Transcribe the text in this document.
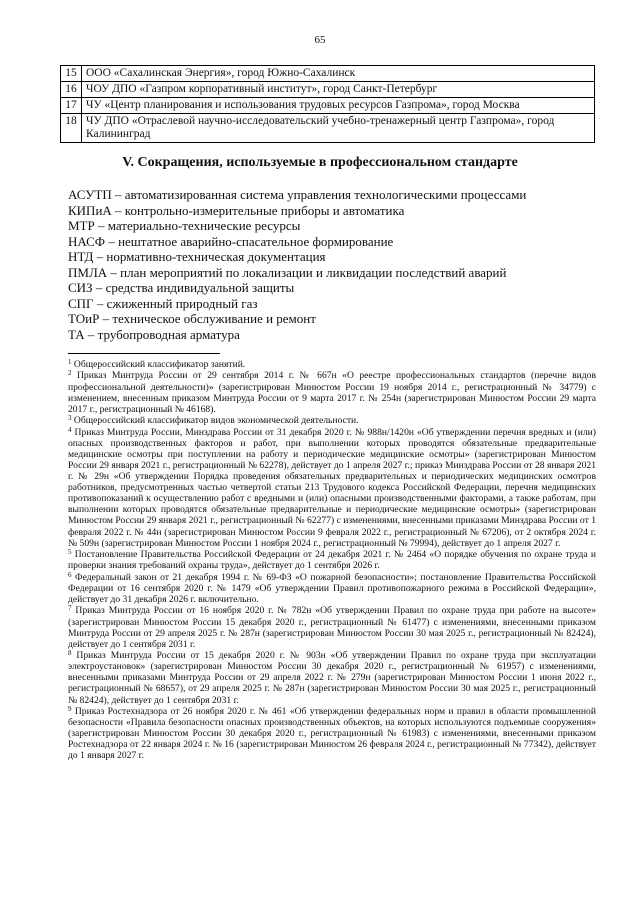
65
15	ООО «Сахалинская Энергия», город Южно-Сахалинск
16	ЧОУ ДПО «Газпром корпоративный институт», город Санкт-Петербург
17	ЧУ «Центр планирования и использования трудовых ресурсов Газпрома», город Москва
18	ЧУ ДПО «Отраслевой научно-исследовательский учебно-тренажерный центр Газпрома», город Калининград
V. Сокращения, используемые в профессиональном стандарте
АСУТП – автоматизированная система управления технологическими процессами
КИПиА – контрольно-измерительные приборы и автоматика
МТР – материально-технические ресурсы
НАСФ – нештатное аварийно-спасательное формирование
НТД – нормативно-техническая документация
ПМЛА – план мероприятий по локализации и ликвидации последствий аварий
СИЗ – средства индивидуальной защиты
СПГ – сжиженный природный газ
ТОиР – техническое обслуживание и ремонт
ТА – трубопроводная арматура

$^1$ Общероссийский классификатор занятий.

$^2$ Приказ Минтруда России от 29 сентября 2014 г. № 667н «О реестре профессиональных стандартов (перечне видов профессиональной деятельности)» (зарегистрирован Минюстом России 19 ноября 2014 г., регистрационный № 34779) с изменением, внесенным приказом Минтруда России от 9 марта 2017 г. № 254н (зарегистрирован Минюстом России 29 марта 2017 г., регистрационный № 46168).

$^3$ Общероссийский классификатор видов экономической деятельности.

$^4$ Приказ Минтруда России, Минздрава России от 31 декабря 2020 г. № 988н/1420н «Об утверждении перечня вредных и (или) опасных производственных факторов и работ, при выполнении которых проводятся обязательные предварительные медицинские осмотры при поступлении на работу и периодические медицинские осмотры» (зарегистрирован Минюстом России 29 января 2021 г., регистрационный № 62278), действует до 1 апреля 2027 г.; приказ Минздрава России от 28 января 2021 г. № 29н «Об утверждении Порядка проведения обязательных предварительных и периодических медицинских осмотров работников, предусмотренных частью четвертой статьи 213 Трудового кодекса Российской Федерации, перечня медицинских противопоказаний к осуществлению работ с вредными и (или) опасными производственными факторами, а также работам, при выполнении которых проводятся обязательные предварительные и периодические медицинские осмотры» (зарегистрирован Минюстом России 29 января 2021 г., регистрационный № 62277) с изменениями, внесенными приказами Минздрава России от 1 февраля 2022 г. № 44н (зарегистрирован Минюстом России 9 февраля 2022 г., регистрационный № 67206), от 2 октября 2024 г. № 509н (зарегистрирован Минюстом России 1 ноября 2024 г., регистрационный № 79994), действует до 1 апреля 2027 г.

$^5$ Постановление Правительства Российской Федерации от 24 декабря 2021 г. № 2464 «О порядке обучения по охране труда и проверки знания требований охраны труда», действует до 1 сентября 2026 г.

$^6$ Федеральный закон от 21 декабря 1994 г. № 69-ФЗ «О пожарной безопасности»; постановление Правительства Российской Федерации от 16 сентября 2020 г. № 1479 «Об утверждении Правил противопожарного режима в Российской Федерации», действует до 31 декабря 2026 г. включительно.

$^7$ Приказ Минтруда России от 16 ноября 2020 г. № 782н «Об утверждении Правил по охране труда при работе на высоте» (зарегистрирован Минюстом России 15 декабря 2020 г., регистрационный № 61477) с изменениями, внесенными приказом Минтруда России от 29 апреля 2025 г. № 287н (зарегистрирован Минюстом России 30 мая 2025 г., регистрационный № 82424), действует до 1 сентября 2031 г.

$^8$ Приказ Минтруда России от 15 декабря 2020 г. № 903н «Об утверждении Правил по охране труда при эксплуатации электроустановок» (зарегистрирован Минюстом России 30 декабря 2020 г., регистрационный № 61957) с изменениями, внесенными приказами Минтруда России от 29 апреля 2022 г. № 279н (зарегистрирован Минюстом России 1 июня 2022 г., регистрационный № 68657), от 29 апреля 2025 г. № 287н (зарегистрирован Минюстом России 30 мая 2025 г., регистрационный № 82424), действует до 1 сентября 2031 г.

$^9$ Приказ Ростехнадзора от 26 ноября 2020 г. № 461 «Об утверждении федеральных норм и правил в области промышленной безопасности «Правила безопасности опасных производственных объектов, на которых используются подъемные сооружения» (зарегистрирован Минюстом России 30 декабря 2020 г., регистрационный № 61983) с изменениями, внесенными приказом Ростехнадзора от 22 января 2024 г. № 16 (зарегистрирован Минюстом 26 февраля 2024 г., регистрационный № 77342), действует до 1 января 2027 г.
